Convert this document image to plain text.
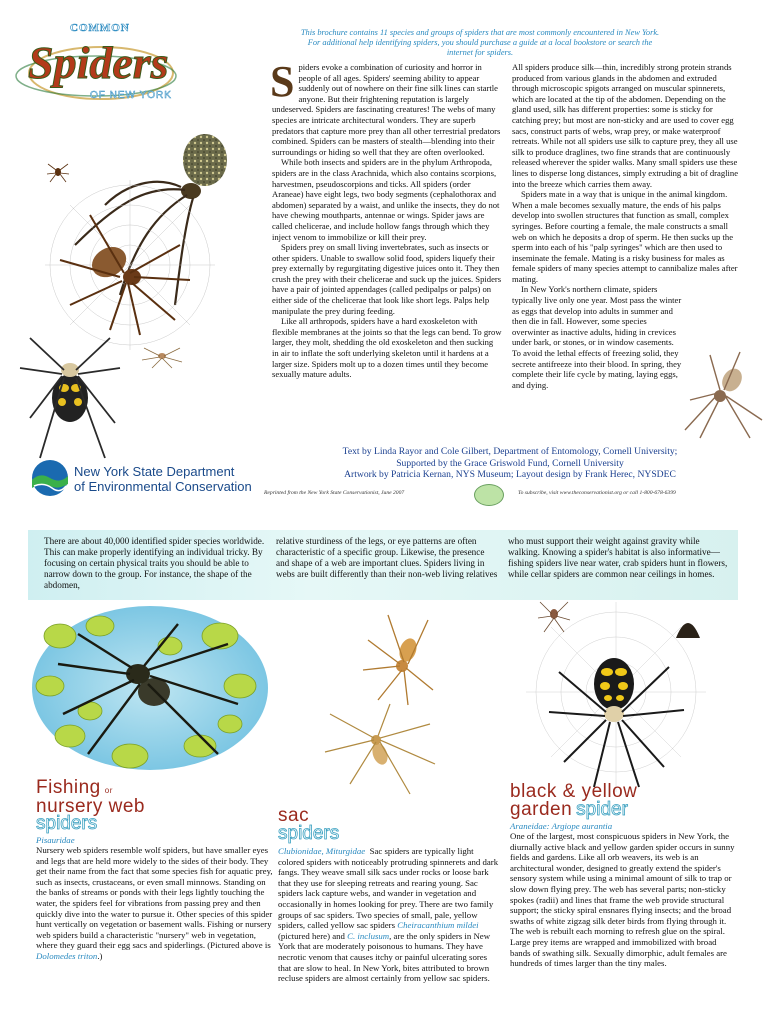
COMMON
Spiders
OF NEW YORK
This brochure contains 11 species and groups of spiders that are most commonly encountered in New York. For additional help identifying spiders, you should purchase a guide at a local bookstore or search the internet for spiders.
S piders evoke a combination of curiosity and horror in people of all ages. Spiders' seeming ability to appear suddenly out of nowhere on their fine silk lines can startle anyone. But their frightening reputation is largely undeserved. Spiders are fascinating creatures! The webs of many species are intricate architectural wonders. They are superb predators that capture more prey than all other terrestrial predators combined. Spiders can be masters of stealth—blending into their surroundings or hiding so well that they are often overlooked.

While both insects and spiders are in the phylum Arthropoda, spiders are in the class Arachnida, which also contains scorpions, harvestmen, pseudoscorpions and ticks. All spiders (order Araneae) have eight legs, two body segments (cephalothorax and abdomen) separated by a waist, and unlike the insects, they do not have chewing mouthparts, antennae or wings. Spider jaws are called chelicerae, and include hollow fangs through which they inject venom to immobilize or kill their prey.

Spiders prey on small living invertebrates, such as insects or other spiders. Unable to swallow solid food, spiders liquefy their prey externally by regurgitating digestive juices onto it. They then crush the prey with their chelicerae and suck up the juices. Spiders have a pair of jointed appendages (called pedipalps or palps) on either side of the chelicerae that look like short legs. Palps help manipulate the prey during feeding.

Like all arthropods, spiders have a hard exoskeleton with flexible membranes at the joints so that the legs can bend. To grow larger, they molt, shedding the old exoskeleton and then sucking in air to inflate the soft underlying skeleton until it hardens at a larger size. Spiders molt up to a dozen times until they become sexually mature adults.

All spiders produce silk—thin, incredibly strong protein strands produced from various glands in the abdomen and extruded through microscopic spigots arranged on muscular spinnerets, which are located at the tip of the abdomen. Depending on the gland used, silk has different properties: some is sticky for catching prey; but most are non-sticky and are used to cover egg sacs, construct parts of webs, wrap prey, or make waterproof retreats. While not all spiders use silk to capture prey, they all use silk to produce draglines, two fine strands that are continuously released wherever the spider walks. Many small spiders use these lines to disperse long distances, simply extruding a bit of dragline into the breeze which carries them away.

Spiders mate in a way that is unique in the animal kingdom. When a male becomes sexually mature, the ends of his palps develop into swollen structures that function as small, complex syringes. Before courting a female, the male constructs a small web on which he deposits a drop of sperm. He then sucks up the sperm into each of his "palp syringes" which are then used to inseminate the female. Mating is a risky business for males as female spiders of many species attempt to cannibalize males after mating.

In New York's northern climate, spiders typically live only one year. Most pass the winter as eggs that develop into adults in summer and then die in fall. However, some species overwinter as inactive adults, hiding in crevices under bark, or stones, or in window casements. To avoid the lethal effects of freezing solid, they secrete antifreeze into their blood. In spring, they complete their life cycle by mating, laying eggs, and dying.

Text by Linda Rayor and Cole Gilbert, Department of Entomology, Cornell University;
Supported by the Grace Griswold Fund, Cornell University
Artwork by Patricia Kernan, NYS Museum; Layout design by Frank Herec, NYSDEC
New York State Department
of Environmental Conservation Reprinted from the New York State Conservationist, June 2007	To subscribe, visit www.theconservationist.org or call 1-800-678-6399
There are about 40,000 identified spider species worldwide. This can make properly identifying an individual tricky. By focusing on certain physical traits you should be able to narrow down to the group. For instance, the shape of the abdomen,
relative sturdiness of the legs, or eye patterns are often characteristic of a specific group. Likewise, the presence and shape of a web are important clues. Spiders living in webs are built differently than their non-web living relatives
who must support their weight against gravity while walking. Knowing a spider's habitat is also informative—fishing spiders live near water, crab spiders hunt in flowers, while cellar spiders are common near ceilings in homes.
Fishing or
nursery web
spiders
Pisauridae
Nursery web spiders resemble wolf spiders, but have smaller eyes and legs that are held more widely to the sides of their body. They get their name from the fact that some species fish for aquatic prey, such as insects, crustaceans, or even small minnows. Standing on the banks of streams or ponds with their legs lightly touching the water, the spiders feel for vibrations from passing prey and then quickly dive into the water to pursue it. Other species of this spider hunt vertically on vegetation or basement walls. Fishing or nursery web spiders build a characteristic "nursery" web in vegetation, where they guard their egg sacs and spiderlings. (Pictured above is Dolomedes triton.)
sac
spiders
Clubionidae, Miturgidae Sac spiders are typically light colored spiders with noticeably protruding spinnerets and dark fangs. They weave small silk sacs under rocks or loose bark that they use for sleeping retreats and rearing young. Sac spiders lack capture webs, and wander in vegetation and occasionally in homes looking for prey. There are two family groups of sac spiders. Two species of small, pale, yellow spiders, called yellow sac spiders Cheiracanthium mildei (pictured here) and C. inclusum, are the only spiders in New York that are moderately poisonous to humans. They have necrotic venom that causes itchy or painful ulcerating sores that are slow to heal. In New York, bites attributed to brown recluse spiders are almost certainly from yellow sac spiders.
black & yellow
garden spider
Araneidae: Argiope aurantia
One of the largest, most conspicuous spiders in New York, the diurnally active black and yellow garden spider occurs in sunny fields and gardens. Like all orb weavers, its web is an architectural wonder, designed to greatly extend the spider's sensory system while using a minimal amount of silk to trap or slow down flying prey. The web has several parts; non-sticky spokes (radii) and lines that frame the web provide structural support; the sticky spiral ensnares flying insects; and the broad swaths of white zigzag silk deter birds from flying through it. The web is rebuilt each morning to refresh glue on the spiral. Large prey items are wrapped and immobilized with broad bands of swathing silk. Sexually dimorphic, adult females are hundreds of times larger than the tiny males.
